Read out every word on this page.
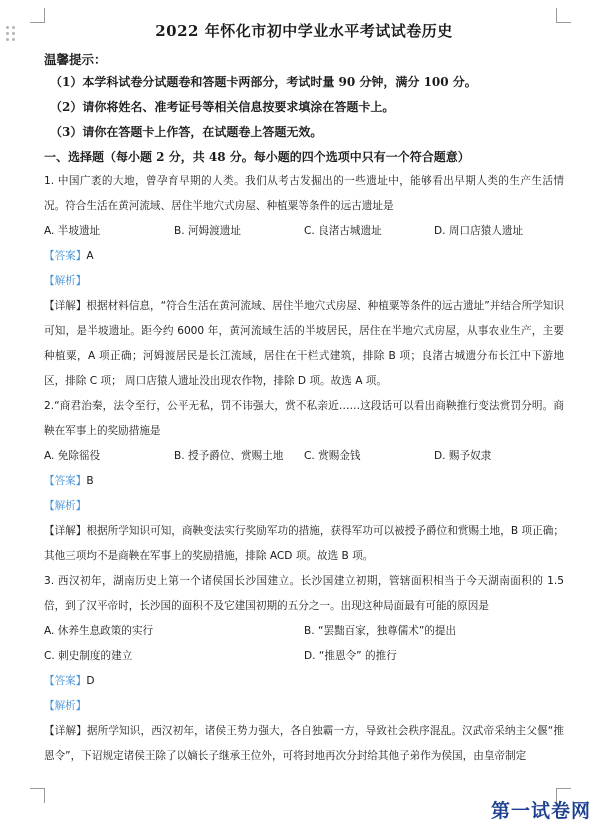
2022 年怀化市初中学业水平考试试卷历史

温馨提示：

（1）本学科试卷分试题卷和答题卡两部分，考试时量 90 分钟，满分 100 分。

（2）请你将姓名、准考证号等相关信息按要求填涂在答题卡上。

（3）请你在答题卡上作答，在试题卷上答题无效。

一、选择题（每小题 2 分，共 48 分。每小题的四个选项中只有一个符合题意）

1. 中国广袤的大地，曾孕育早期的人类。我们从考古发掘出的一些遗址中，能够看出早期人类的生产生活情况。符合生活在黄河流域、居住半地穴式房屋、种植粟等条件的远古遗址是

A. 半坡遗址	B. 河姆渡遗址	C. 良渚古城遗址	D. 周口店猿人遗址

【答案】A

【解析】

【详解】根据材料信息，“符合生活在黄河流域、居住半地穴式房屋、种植粟等条件的远古遗址”并结合所学知识可知，是半坡遗址。距今约 6000 年，黄河流域生活的半坡居民，居住在半地穴式房屋，从事农业生产，主要种植粟，A 项正确；河姆渡居民是长江流域，居住在干栏式建筑，排除 B 项；良渚古城遗分布长江中下游地区，排除 C 项； 周口店猿人遗址没出现农作物，排除 D 项。故选 A 项。

2.“商君治秦，法令至行，公平无私，罚不讳强大，赏不私亲近……这段话可以看出商鞅推行变法赏罚分明。商鞅在军事上的奖励措施是

A. 免除徭役	B. 授予爵位、赏赐土地	C. 赏赐金钱	D. 赐予奴隶

【答案】B

【解析】

【详解】根据所学知识可知，商鞅变法实行奖励军功的措施，获得军功可以被授予爵位和赏赐土地，B 项正确；其他三项均不是商鞅在军事上的奖励措施，排除 ACD 项。故选 B 项。

3. 西汉初年，湖南历史上第一个诸侯国长沙国建立。长沙国建立初期，管辖面积相当于今天湖南面积的 1.5 倍，到了汉平帝时，长沙国的面积不及它建国初期的五分之一。出现这种局面最有可能的原因是

A. 休养生息政策的实行	B. “罢黜百家，独尊儒术”的提出
C. 刺史制度的建立	D. “推恩令” 的推行

【答案】D

【解析】

【详解】据所学知识，西汉初年，诸侯王势力强大，各自独霸一方，导致社会秩序混乱。汉武帝采纳主父偃“推恩令”，下诏规定诸侯王除了以嫡长子继承王位外，可将封地再次分封给其他子弟作为侯国，由皇帝制定

第一试卷网
